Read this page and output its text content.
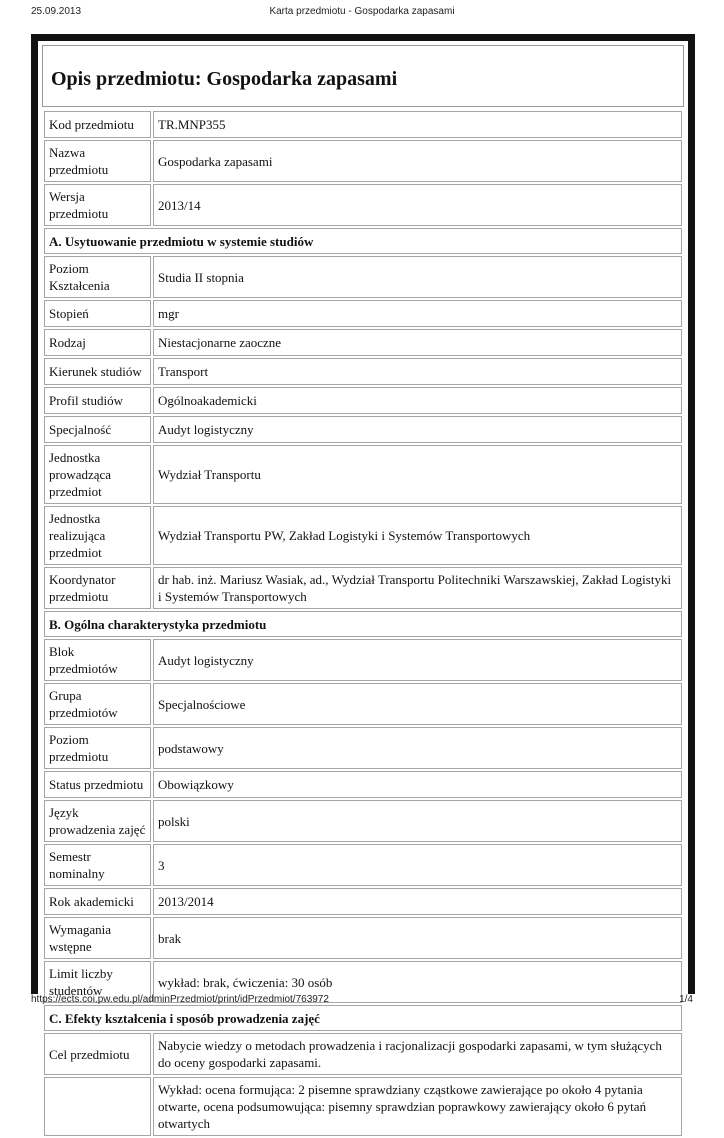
25.09.2013	Karta przedmiotu - Gospodarka zapasami
Opis przedmiotu: Gospodarka zapasami
Kod przedmiotu	TR.MNP355
Nazwa przedmiotu	Gospodarka zapasami
Wersja przedmiotu	2013/14
A. Usytuowanie przedmiotu w systemie studiów	
Poziom Kształcenia	Studia II stopnia
Stopień	mgr
Rodzaj	Niestacjonarne zaoczne
Kierunek studiów	Transport
Profil studiów	Ogólnoakademicki
Specjalność	Audyt logistyczny
Jednostka prowadząca przedmiot	Wydział Transportu
Jednostka realizująca przedmiot	Wydział Transportu PW, Zakład Logistyki i Systemów Transportowych
Koordynator przedmiotu	dr hab. inż. Mariusz Wasiak, ad., Wydział Transportu Politechniki Warszawskiej, Zakład Logistyki i Systemów Transportowych
B. Ogólna charakterystyka przedmiotu	
Blok przedmiotów	Audyt logistyczny
Grupa przedmiotów	Specjalnościowe
Poziom przedmiotu	podstawowy
Status przedmiotu	Obowiązkowy
Język prowadzenia zajęć	polski
Semestr nominalny	3
Rok akademicki	2013/2014
Wymagania wstępne	brak
Limit liczby studentów	wykład: brak, ćwiczenia: 30 osób
C. Efekty kształcenia i sposób prowadzenia zajęć	
Cel przedmiotu	Nabycie wiedzy o metodach prowadzenia i racjonalizacji gospodarki zapasami, w tym służących do oceny gospodarki zapasami.
	Wykład: ocena formująca: 2 pisemne sprawdziany cząstkowe zawierające po około 4 pytania otwarte, ocena podsumowująca: pisemny sprawdzian poprawkowy zawierający około 6 pytań otwartych
https://ects.coi.pw.edu.pl/adminPrzedmiot/print/idPrzedmiot/763972	1/4
